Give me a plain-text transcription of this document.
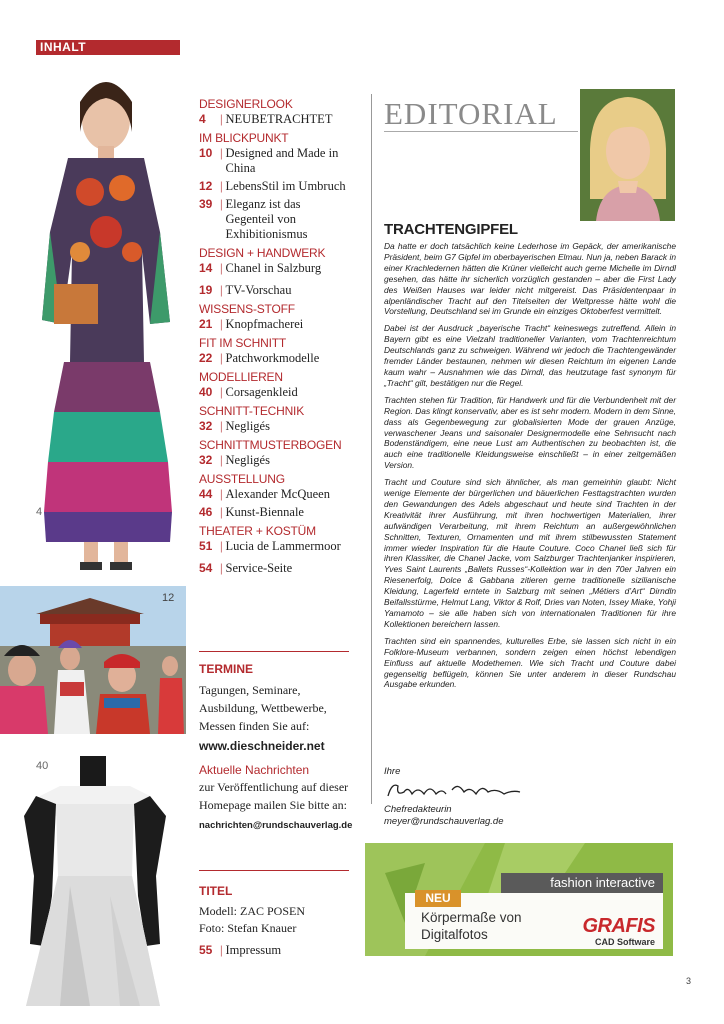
INHALT
4
12
40
DESIGNERLOOK
4	| NEUBETRACHTET
IM BLICKPUNKT
10 | Designed and Made in China
12 | LebensStil im Umbruch
39 | Eleganz ist das Gegenteil von Exhibitionismus
DESIGN + HANDWERK
14 | Chanel in Salzburg
19 | TV-Vorschau
WISSENS-STOFF
21 | Knopfmacherei
FIT IM SCHNITT
22 | Patchworkmodelle
MODELLIEREN
40 | Corsagenkleid
SCHNITT-TECHNIK
32 | Negligés
SCHNITTMUSTERBOGEN
32 | Negligés
AUSSTELLUNG
44 | Alexander McQueen
46 | Kunst-Biennale
THEATER + KOSTÜM
51 | Lucia de Lammermoor
54 | Service-Seite
TERMINE
Tagungen, Seminare, Ausbildung, Wettbewerbe, Messen finden Sie auf:
www.dieschneider.net
Aktuelle Nachrichten
zur Veröffentlichung auf dieser Homepage mailen Sie bitte an:
nachrichten@rundschauverlag.de
TITEL
Modell: ZAC POSEN
Foto: Stefan Knauer
55 | Impressum
EDITORIAL
TRACHTENGIPFEL

Da hatte er doch tatsächlich keine Lederhose im Gepäck, der amerikanische Präsident, beim G7 Gipfel im oberbayerischen Elmau. Nun ja, neben Barack in einer Krachledernen hätten die Krüner vielleicht auch gerne Michelle im Dirndl gesehen, das hätte ihr sicherlich vorzüglich gestanden – aber die First Lady des Weißen Hauses war leider nicht mitgereist. Das Präsidentenpaar in alpenländischer Tracht auf den Titelseiten der Weltpresse hätte wohl die Vorstellung, Deutschland sei im Grunde ein einziges Oktoberfest vermittelt.

Dabei ist der Ausdruck „bayerische Tracht“ keineswegs zutreffend. Allein in Bayern gibt es eine Vielzahl traditioneller Varianten, vom Trachtenreichtum Deutschlands ganz zu schweigen. Während wir jedoch die Trachtengewänder fremder Länder bestaunen, nehmen wir diesen Reichtum im eigenen Lande kaum wahr – Ausnahmen wie das Dirndl, das heutzutage fast synonym für „Tracht“ gilt, bestätigen nur die Regel.

Trachten stehen für Tradition, für Handwerk und für die Verbundenheit mit der Region. Das klingt konservativ, aber es ist sehr modern. Modern in dem Sinne, dass als Gegenbewegung zur globalisierten Mode der grauen Anzüge, verwaschener Jeans und saisonaler Designermodelle eine Sehnsucht nach Bodenständigem, eine neue Lust am Authentischen zu beobachten ist, die auch eine traditionelle Kleidungsweise einschließt – in einer zeitgemäßen Version.

Tracht und Couture sind sich ähnlicher, als man gemeinhin glaubt: Nicht wenige Elemente der bürgerlichen und bäuerlichen Festtagstrachten wurden den Gewandungen des Adels abgeschaut und heute sind Trachten in der Kreativität ihrer Ausführung, mit ihren hochwertigen Materialien, ihrer aufwändigen Verarbeitung, mit ihrem Reichtum an außergewöhnlichen Schnitten, Texturen, Ornamenten und mit ihrem stilbewussten Statement immer wieder Inspiration für die Haute Couture. Coco Chanel ließ sich für ihren Klassiker, die Chanel Jacke, vom Salzburger Trachtenjanker inspirieren, Yves Saint Laurents „Ballets Russes“-Kollektion war in den 70er Jahren ein Riesenerfolg, Dolce & Gabbana zitieren gerne traditionelle sizilianische Kleidung, Lagerfeld erntete in Salzburg mit seinen „Métiers d’Art“ Dirndln Beifallsstürme, Helmut Lang, Viktor & Rolf, Dries van Noten, Issey Miake, Yohji Yamamoto – sie alle haben sich von internationalen Traditionen für ihre Kollektionen bereichern lassen.

Trachten sind ein spannendes, kulturelles Erbe, sie lassen sich nicht in ein Folklore-Museum verbannen, sondern zeigen einen höchst lebendigen Einfluss auf aktuelle Modethemen. Wie sich Tracht und Couture dabei gegenseitig beflügeln, können Sie unter anderem in dieser Rundschau Ausgabe erkunden.

Ihre
Chefredakteurin
meyer@rundschauverlag.de
fashion interactive
NEU
Körpermaße von
Digitalfotos	GRAFIS
CAD Software
3
